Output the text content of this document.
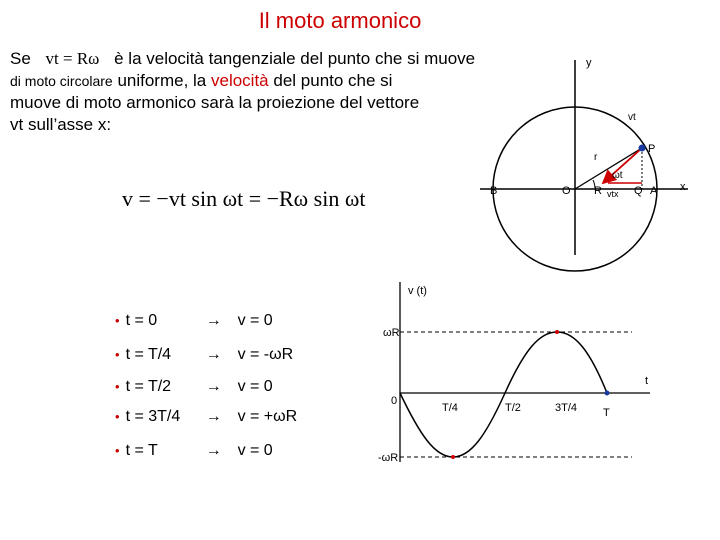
Il moto armonico
Se vt = Rω è la velocità tangenziale del punto che si muove
di moto circolare uniforme, la velocità del punto che si
muove di moto armonico sarà la proiezione del vettore
vt sull’asse x:
v = −vt sin ωt = −Rω sin ωt
y
x
vt
P
r
ωt
B	O R vtx Q A
v (t)
ωR
-ωR
0
t
T/4	T/2	3T/4 T
• t = 0	→ v = 0
• t = T/4 → v = -ωR
• t = T/2 → v = 0
• t = 3T/4 → v = +ωR
• t = T	→ v = 0
